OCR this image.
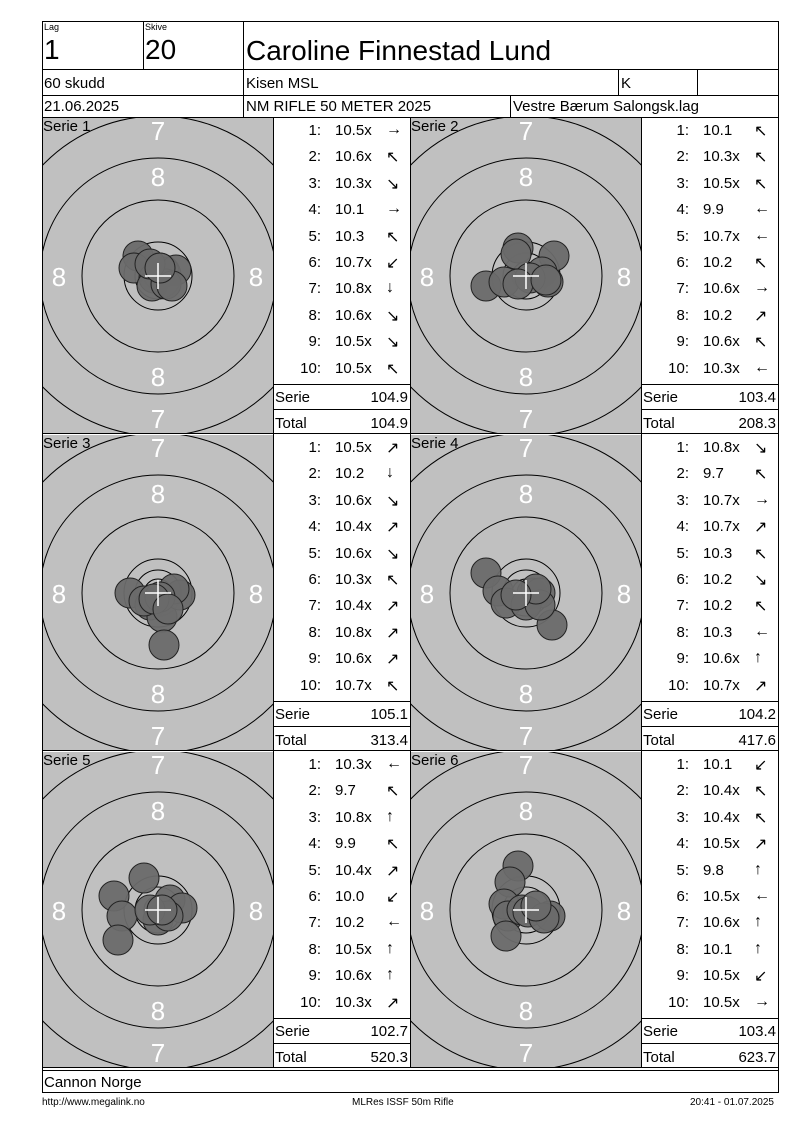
Lag
1
Skive
20 Caroline Finnestad Lund
60 skudd	Kisen MSL	K
21.06.2025	NM RIFLE 50 METER 2025	Vestre Bærum Salongsk.lag
7
8
8	8
8
7
Serie 1	1: 10.5x →
2: 10.6x ↖
3: 10.3x ↘
4: 10.1 →
5: 10.3 ↖
6: 10.7x ↙
7: 10.8x ↓
8: 10.6x ↘
9: 10.5x ↘
10: 10.5x ↖
Serie	104.9
Total	104.9
7
8
8	8
8
7
Serie 2	1: 10.1 ↖
2: 10.3x ↖
3: 10.5x ↖
4: 9.9 ←
5: 10.7x ←
6: 10.2 ↖
7: 10.6x →
8: 10.2 ↗
9: 10.6x ↖
10: 10.3x ←
Serie	103.4
Total	208.3
7
8
8	8
8
7
Serie 3	1: 10.5x ↗
2: 10.2 ↓
3: 10.6x ↘
4: 10.4x ↗
5: 10.6x ↘
6: 10.3x ↖
7: 10.4x ↗
8: 10.8x ↗
9: 10.6x ↗
10: 10.7x ↖
Serie	105.1
Total	313.4
7
8
8	8
8
7
Serie 4	1: 10.8x ↘
2: 9.7 ↖
3: 10.7x →
4: 10.7x ↗
5: 10.3 ↖
6: 10.2 ↘
7: 10.2 ↖
8: 10.3 ←
9: 10.6x ↑
10: 10.7x ↗
Serie	104.2
Total	417.6
7
8
8	8
8
7
Serie 5	1: 10.3x ←
2: 9.7 ↖
3: 10.8x ↑
4: 9.9 ↖
5: 10.4x ↗
6: 10.0 ↙
7: 10.2 ←
8: 10.5x ↑
9: 10.6x ↑
10: 10.3x ↗
Serie	102.7
Total	520.3
7
8
8	8
8
7
Serie 6	1: 10.1 ↙
2: 10.4x ↖
3: 10.4x ↖
4: 10.5x ↗
5: 9.8 ↑
6: 10.5x ←
7: 10.6x ↑
8: 10.1 ↑
9: 10.5x ↙
10: 10.5x →
Serie	103.4
Total	623.7
Cannon Norge
http://www.megalink.no	MLRes ISSF 50m Rifle	20:41 - 01.07.2025
